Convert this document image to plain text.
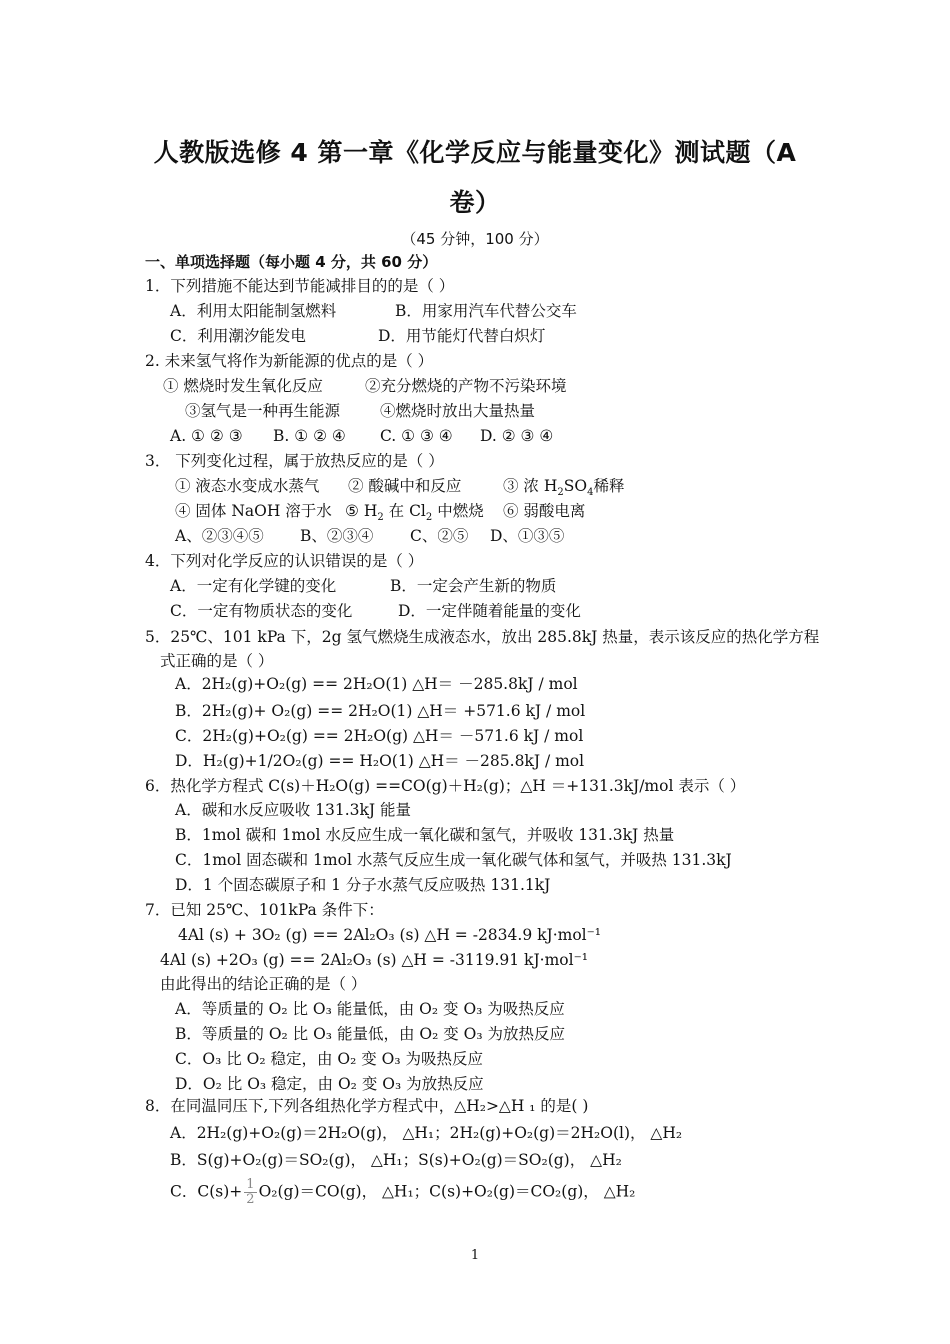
人教版选修 4 第一章《化学反应与能量变化》测试题（A
卷）
（45 分钟，100 分）
一、单项选择题（每小题 4 分，共 60 分）
1．下列措施不能达到节能减排目的的是（ ）
A．利用太阳能制氢燃料	B．用家用汽车代替公交车
C．利用潮汐能发电	D．用节能灯代替白炽灯
2. 未来氢气将作为新能源的优点的是（ ）
① 燃烧时发生氧化反应	②充分燃烧的产物不污染环境
③氢气是一种再生能源	④燃烧时放出大量热量
A. ① ② ③ B. ① ② ④ C. ① ③ ④ D. ② ③ ④
3． 下列变化过程，属于放热反应的是（ ）
① 液态水变成水蒸气 ② 酸碱中和反应	③ 浓 $H_2SO_4$稀释
④ 固体 NaOH 溶于水 ⑤ $H_2$ 在 $Cl_2$ 中燃烧 ⑥ 弱酸电离
A、②③④⑤ B、②③④ C、②⑤ D、①③⑤
4．下列对化学反应的认识错误的是（ ）
A．一定有化学键的变化	B．一定会产生新的物质
C．一定有物质状态的变化	D．一定伴随着能量的变化
5．25℃、101 kPa 下，2g 氢气燃烧生成液态水，放出 285.8kJ 热量，表示该反应的热化学方程
式正确的是（ ）
A．2H₂(g)+O₂(g) == 2H₂O(1) △H＝ －285.8kJ / mol
B．2H₂(g)+ O₂(g) == 2H₂O(1) △H＝ +571.6 kJ / mol
C．2H₂(g)+O₂(g) == 2H₂O(g) △H＝ －571.6 kJ / mol
D．H₂(g)+1/2O₂(g) == H₂O(1) △H＝ －285.8kJ / mol
6．热化学方程式 C(s)＋H₂O(g) ==CO(g)＋H₂(g)；△H ＝+131.3kJ/mol 表示（ ）
A．碳和水反应吸收 131.3kJ 能量
B．1mol 碳和 1mol 水反应生成一氧化碳和氢气，并吸收 131.3kJ 热量
C．1mol 固态碳和 1mol 水蒸气反应生成一氧化碳气体和氢气，并吸热 131.3kJ
D．1 个固态碳原子和 1 分子水蒸气反应吸热 131.1kJ
7．已知 25℃、101kPa 条件下：
4Al (s) + 3O₂ (g) == 2Al₂O₃ (s) △H = -2834.9 kJ·mol⁻¹
4Al (s) +2O₃ (g) == 2Al₂O₃ (s) △H = -3119.91 kJ·mol⁻¹
由此得出的结论正确的是（ ）
A．等质量的 O₂ 比 O₃ 能量低，由 O₂ 变 O₃ 为吸热反应
B．等质量的 O₂ 比 O₃ 能量低，由 O₂ 变 O₃ 为放热反应
C．O₃ 比 O₂ 稳定，由 O₂ 变 O₃ 为吸热反应
D．O₂ 比 O₃ 稳定，由 O₂ 变 O₃ 为放热反应
8．在同温同压下,下列各组热化学方程式中，△H₂>△H ₁ 的是( )
A．2H₂(g)+O₂(g)＝2H₂O(g)， △H₁；2H₂(g)+O₂(g)＝2H₂O(l)， △H₂
B．S(g)+O₂(g)＝SO₂(g)， △H₁；S(s)+O₂(g)＝SO₂(g)， △H₂
C．$C(s)+ \frac{1}{2} O_2(g)=CO(g)$， △H₁；C(s)+O₂(g)＝CO₂(g)， △H₂
1
